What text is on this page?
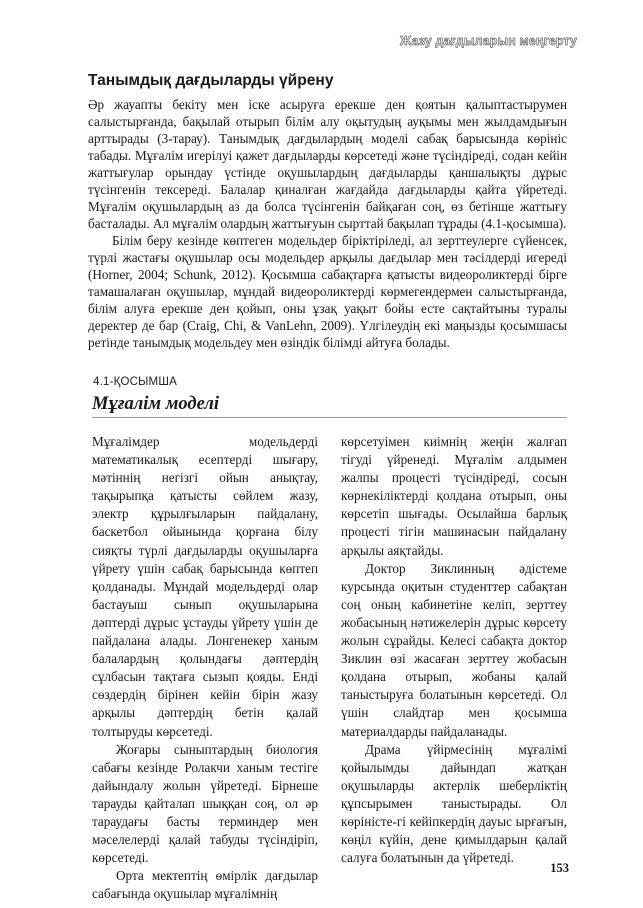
Жазу дағдыларын меңгерту
Танымдық дағдыларды үйрену

Әр жауапты бекіту мен іске асыруға ерекше ден қоятын қалыптастырумен салыстырғанда, бақылай отырып білім алу оқытудың ауқымы мен жылдамдығын арттырады (3-тарау). Танымдық дағдылардың моделі сабақ барысында көрініс табады. Мұғалім игерілуі қажет дағдыларды көрсетеді және түсіндіреді, содан кейін жаттығулар орындау үстінде оқушылардың дағдыларды қаншалықты дұрыс түсінгенін тексереді. Балалар қиналған жағдайда дағдыларды қайта үйретеді. Мұғалім оқушылардың аз да болса түсінгенін байқаған соң, өз бетінше жаттығу басталады. Ал мұғалім олардың жаттығуын сырттай бақылап тұрады (4.1-қосымша).

Білім беру кезінде көптеген модельдер біріктіріледі, ал зерттеулерге сүйенсек, түрлі жастағы оқушылар осы модельдер арқылы дағдылар мен тәсілдерді игереді (Horner, 2004; Schunk, 2012). Қосымша сабақтарға қатысты видеороликтерді бірге тамашалаған оқушылар, мұндай видеороликтерді көрмегендермен салыстырғанда, білім алуға ерекше ден қойып, оны ұзақ уақыт бойы есте сақтайтыны туралы деректер де бар (Craig, Chi, & VanLehn, 2009). Үлгілеудің екі маңызды қосымшасы ретінде танымдық модельдеу мен өзіндік білімді айтуға болады.

4.1-ҚОСЫМША
Мұғалім моделі

Мұғалімдер модельдерді математикалық есептерді шығару, мәтіннің негізгі ойын анықтау, тақырыпқа қатысты сөйлем жазу, электр құрылғыларын пайдалану, баскетбол ойынында қорғана білу сияқты түрлі дағдыларды оқушыларға үйрету үшін сабақ барысында көптеп қолданады. Мұндай модельдерді олар бастауыш сынып оқушыларына дәптерді дұрыс ұстауды үйрету үшін де пайдалана алады. Лонгенекер ханым балалардың қолындағы дәптердің сұлбасын тақтаға сызып қояды. Енді сөздердің бірінен кейін бірін жазу арқылы дәптердің бетін қалай толтыруды көрсетеді.

Жоғары сыныптардың биология сабағы кезінде Ролакчи ханым тестіге дайындалу жолын үйретеді. Бірнеше тарауды қайталап шыққан соң, ол әр тараудағы басты терминдер мен мәселелерді қалай табуды түсіндіріп, көрсетеді.

Орта мектептің өмірлік дағдылар сабағында оқушылар мұғалімнің

көрсетуімен киімнің жеңін жалғап тігуді үйренеді. Мұғалім алдымен жалпы процесті түсіндіреді, сосын көрнекіліктерді қолдана отырып, оны көрсетіп шығады. Осылайша барлық процесті тігін машинасын пайдалану арқылы аяқтайды.

Доктор Зиклинның әдістеме курсында оқитын студенттер сабақтан соң оның кабинетіне келіп, зерттеу жобасының нәтижелерін дұрыс көрсету жолын сұрайды. Келесі сабақта доктор Зиклин өзі жасаған зерттеу жобасын қолдана отырып, жобаны қалай таныстыруға болатынын көрсетеді. Ол үшін слайдтар мен қосымша материалдарды пайдаланады.

Драма үйірмесінің мұғалімі қойылымды дайындап жатқан оқушыларды актерлік шеберліктің құпсырымен таныстырады. Ол көріністе-гі кейіпкердің дауыс ырғағын, көңіл күйін, дене қимылдарын қалай салуға болатынын да үйретеді.

153
